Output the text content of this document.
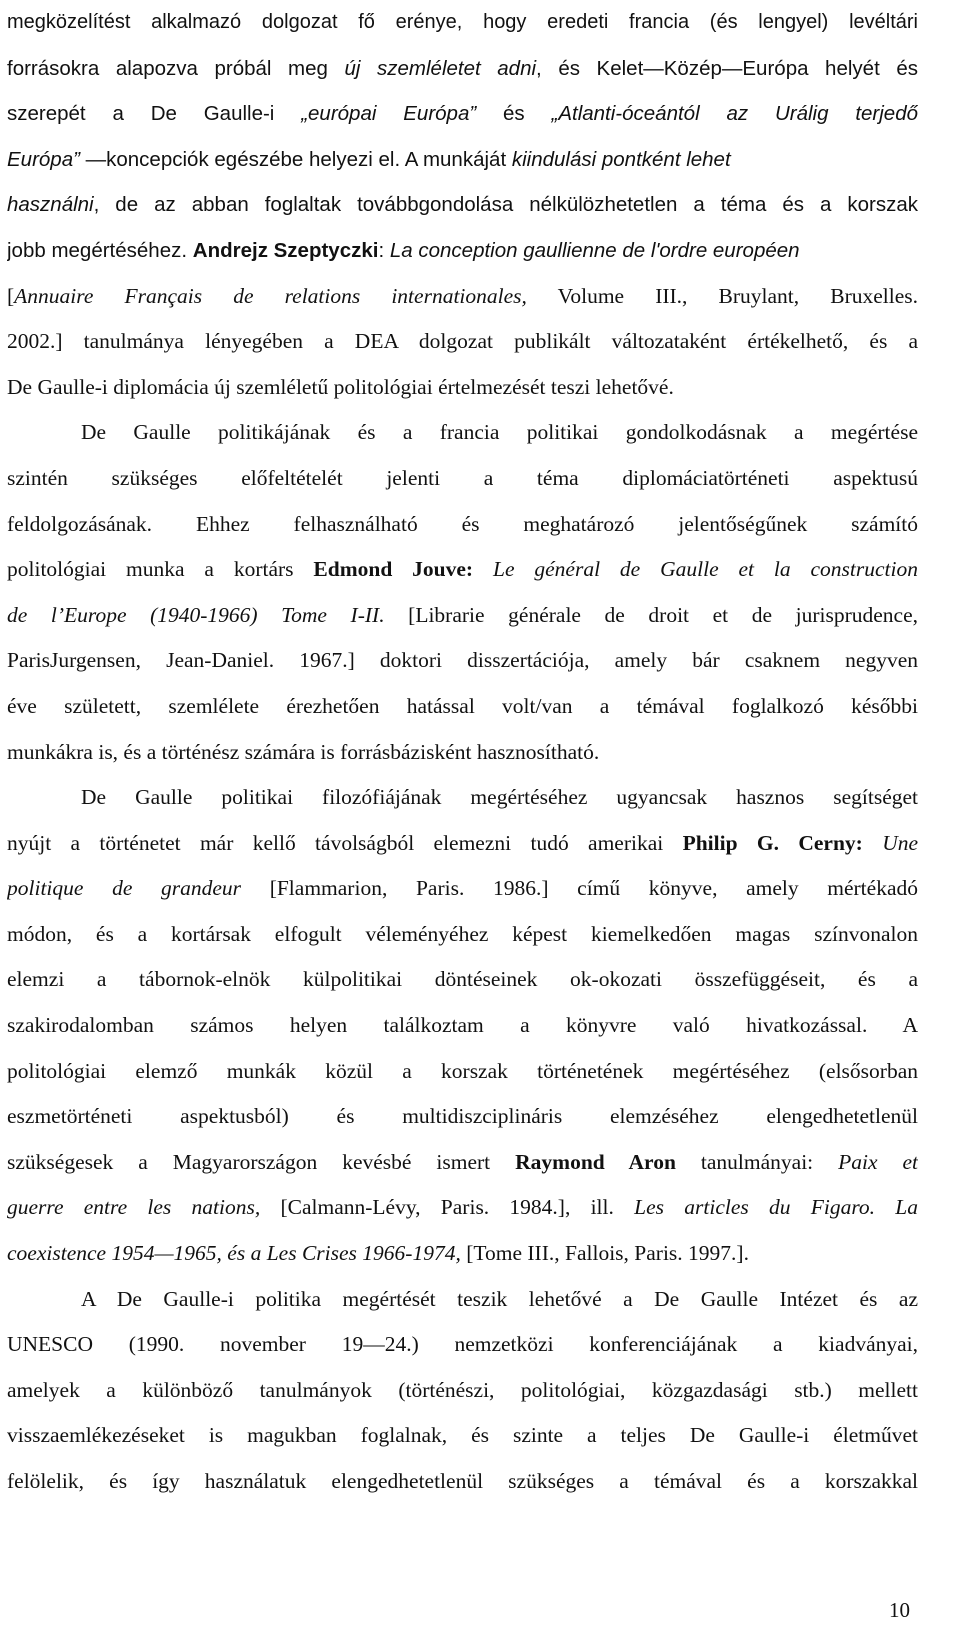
megközelítést alkalmazó dolgozat fő erénye, hogy eredeti francia (és lengyel) levéltári
forrásokra alapozva próbál meg új szemléletet adni, és Kelet—Közép—Európa helyét és
szerepét a De Gaulle-i „európai Európa” és „Atlanti-óceántól az Urálig terjedő
Európa” —koncepciók egészébe helyezi el. A munkáját kiindulási pontként lehet
használni, de az abban foglaltak továbbgondolása nélkülözhetetlen a téma és a korszak
jobb megértéséhez. Andrejz Szeptyczki: La conception gaullienne de l'ordre européen
[Annuaire Français de relations internationales, Volume III., Bruylant, Bruxelles.
2002.] tanulmánya lényegében a DEA dolgozat publikált változataként értékelhető, és a
De Gaulle-i diplomácia új szemléletű politológiai értelmezését teszi lehetővé.
De Gaulle politikájának és a francia politikai gondolkodásnak a megértése
szintén szükséges előfeltételét jelenti a téma diplomáciatörténeti aspektusú
feldolgozásának. Ehhez felhasználható és meghatározó jelentőségűnek számító
politológiai munka a kortárs Edmond Jouve: Le général de Gaulle et la construction
de l’Europe (1940-1966) Tome I-II. [Librarie générale de droit et de jurisprudence,
ParisJurgensen, Jean-Daniel. 1967.] doktori disszertációja, amely bár csaknem negyven
éve született, szemlélete érezhetően hatással volt/van a témával foglalkozó későbbi
munkákra is, és a történész számára is forrásbázisként hasznosítható.
De Gaulle politikai filozófiájának megértéséhez ugyancsak hasznos segítséget
nyújt a történetet már kellő távolságból elemezni tudó amerikai Philip G. Cerny: Une
politique de grandeur [Flammarion, Paris. 1986.] című könyve, amely mértékadó
módon, és a kortársak elfogult véleményéhez képest kiemelkedően magas színvonalon
elemzi a tábornok-elnök külpolitikai döntéseinek ok-okozati összefüggéseit, és a
szakirodalomban számos helyen találkoztam a könyvre való hivatkozással. A
politológiai elemző munkák közül a korszak történetének megértéséhez (elsősorban
eszmetörténeti aspektusból) és multidiszciplináris elemzéséhez elengedhetetlenül
szükségesek a Magyarországon kevésbé ismert Raymond Aron tanulmányai: Paix et
guerre entre les nations, [Calmann-Lévy, Paris. 1984.], ill. Les articles du Figaro. La
coexistence 1954—1965, és a Les Crises 1966-1974, [Tome III., Fallois, Paris. 1997.].
A De Gaulle-i politika megértését teszik lehetővé a De Gaulle Intézet és az
UNESCO (1990. november 19—24.) nemzetközi konferenciájának a kiadványai,
amelyek a különböző tanulmányok (történészi, politológiai, közgazdasági stb.) mellett
visszaemlékezéseket is magukban foglalnak, és szinte a teljes De Gaulle-i életművet
felölelik, és így használatuk elengedhetetlenül szükséges a témával és a korszakkal
10
